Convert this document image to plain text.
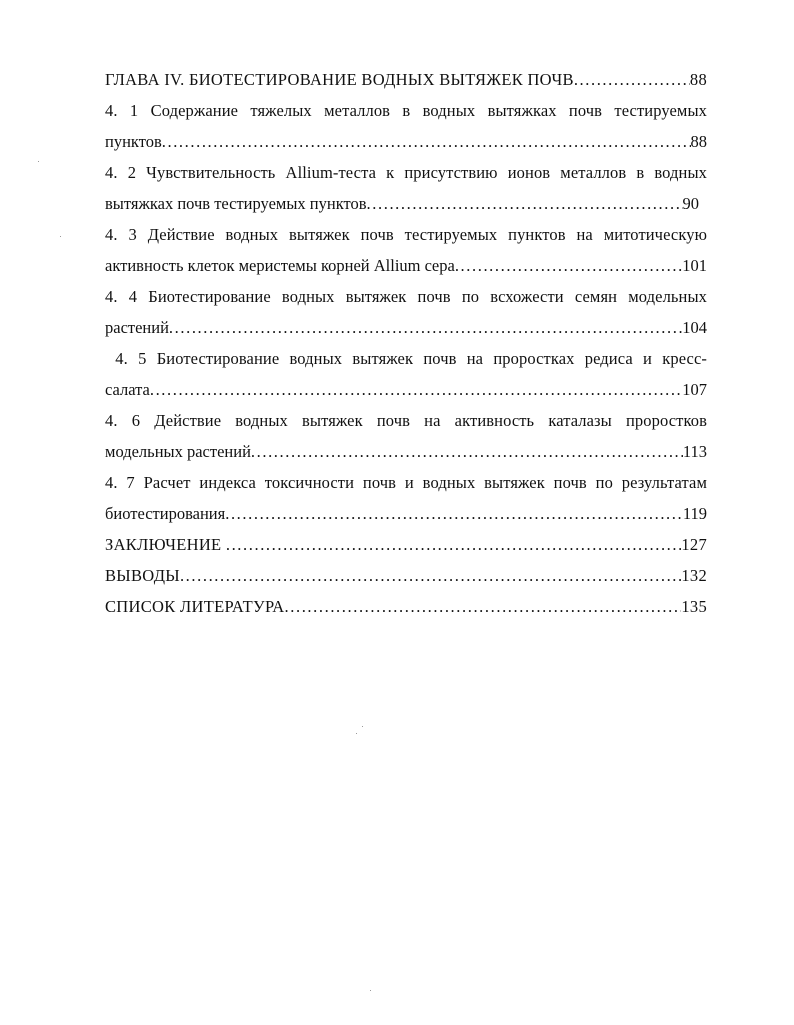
ГЛАВА IV. БИОТЕСТИРОВАНИЕ ВОДНЫХ ВЫТЯЖЕК ПОЧВ .....	88
4. 1 Содержание тяжелых металлов в водных вытяжках почв тестируемых
пунктов .....	88
4. 2 Чувствительность Allium-теста к присутствию ионов металлов в водных
вытяжках почв тестируемых пунктов .....	90
4. 3 Действие водных вытяжек почв тестируемых пунктов на митотическую
активность клеток меристемы корней Allium cepa .....	101
4. 4 Биотестирование водных вытяжек почв по всхожести семян модельных
растений .....	104
4. 5 Биотестирование водных вытяжек почв на проростках редиса и кресс-
салата .....	107
4. 6 Действие водных вытяжек почв на активность каталазы проростков
модельных растений .....	113
4. 7 Расчет индекса токсичности почв и водных вытяжек почв по результатам
биотестирования .....	119
ЗАКЛЮЧЕНИЕ .....	127
ВЫВОДЫ .....	132
СПИСОК ЛИТЕРАТУРА .....	135
